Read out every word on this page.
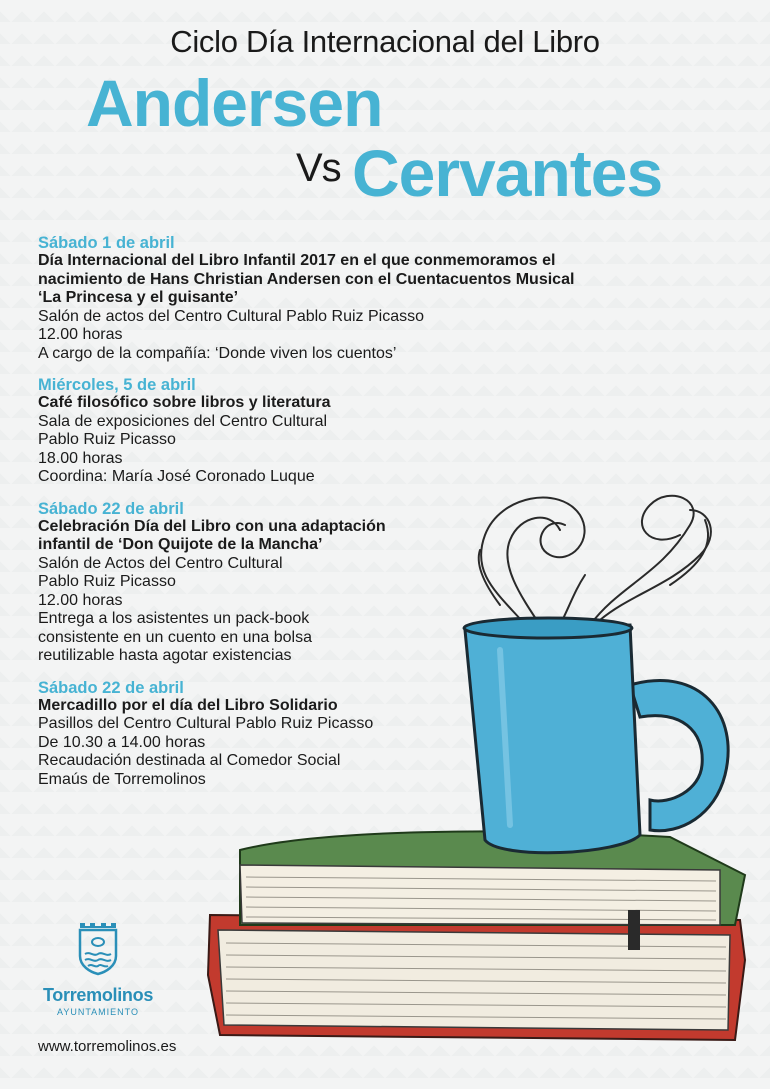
Ciclo Día Internacional del Libro
Andersen
Vs Cervantes
Sábado 1 de abril
Día Internacional del Libro Infantil 2017 en el que conmemoramos el
nacimiento de Hans Christian Andersen con el Cuentacuentos Musical
‘La Princesa y el guisante’
Salón de actos del Centro Cultural Pablo Ruiz Picasso
12.00 horas
A cargo de la compañía: ‘Donde viven los cuentos’
Miércoles, 5 de abril
Café filosófico sobre libros y literatura
Sala de exposiciones del Centro Cultural
Pablo Ruiz Picasso
18.00 horas
Coordina: María José Coronado Luque
Sábado 22 de abril
Celebración Día del Libro con una adaptación
infantil de ‘Don Quijote de la Mancha’
Salón de Actos del Centro Cultural
Pablo Ruiz Picasso
12.00 horas
Entrega a los asistentes un pack-book
consistente en un cuento en una bolsa
reutilizable hasta agotar existencias
Sábado 22 de abril
Mercadillo por el día del Libro Solidario
Pasillos del Centro Cultural Pablo Ruiz Picasso
De 10.30 a 14.00 horas
Recaudación destinada al Comedor Social
Emaús de Torremolinos
Torremolinos
AYUNTAMIENTO
www.torremolinos.es
